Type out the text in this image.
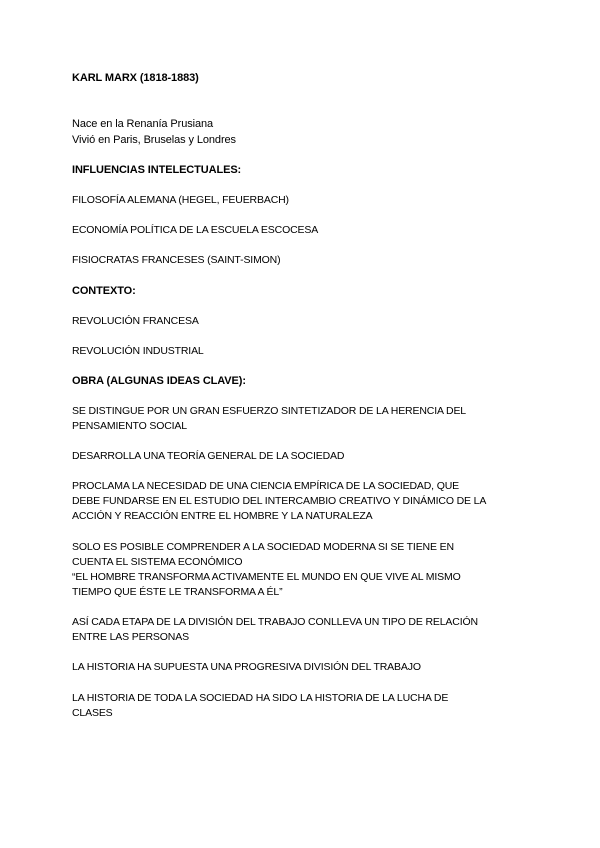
KARL MARX (1818-1883)
Nace en la Renanía Prusiana
Vivió en Paris, Bruselas y Londres
INFLUENCIAS INTELECTUALES:
FILOSOFÍA ALEMANA (HEGEL, FEUERBACH)
ECONOMÍA POLÍTICA DE LA ESCUELA ESCOCESA
FISIOCRATAS FRANCESES (SAINT-SIMON)
CONTEXTO:
REVOLUCIÓN FRANCESA
REVOLUCIÓN INDUSTRIAL
OBRA (ALGUNAS IDEAS CLAVE):
SE DISTINGUE POR UN GRAN ESFUERZO SINTETIZADOR DE LA HERENCIA DEL
PENSAMIENTO SOCIAL
DESARROLLA UNA TEORÍA GENERAL DE LA SOCIEDAD
PROCLAMA LA NECESIDAD DE UNA CIENCIA EMPÍRICA DE LA SOCIEDAD, QUE
DEBE FUNDARSE EN EL ESTUDIO DEL INTERCAMBIO CREATIVO Y DINÁMICO DE LA
ACCIÓN Y REACCIÓN ENTRE EL HOMBRE Y LA NATURALEZA
SOLO ES POSIBLE COMPRENDER A LA SOCIEDAD MODERNA SI SE TIENE EN
CUENTA EL SISTEMA ECONÓMICO
“EL HOMBRE TRANSFORMA ACTIVAMENTE EL MUNDO EN QUE VIVE AL MISMO
TIEMPO QUE ÉSTE LE TRANSFORMA A ÉL”
ASÍ CADA ETAPA DE LA DIVISIÓN DEL TRABAJO CONLLEVA UN TIPO DE RELACIÓN
ENTRE LAS PERSONAS
LA HISTORIA HA SUPUESTA UNA PROGRESIVA DIVISIÓN DEL TRABAJO
LA HISTORIA DE TODA LA SOCIEDAD HA SIDO LA HISTORIA DE LA LUCHA DE
CLASES
